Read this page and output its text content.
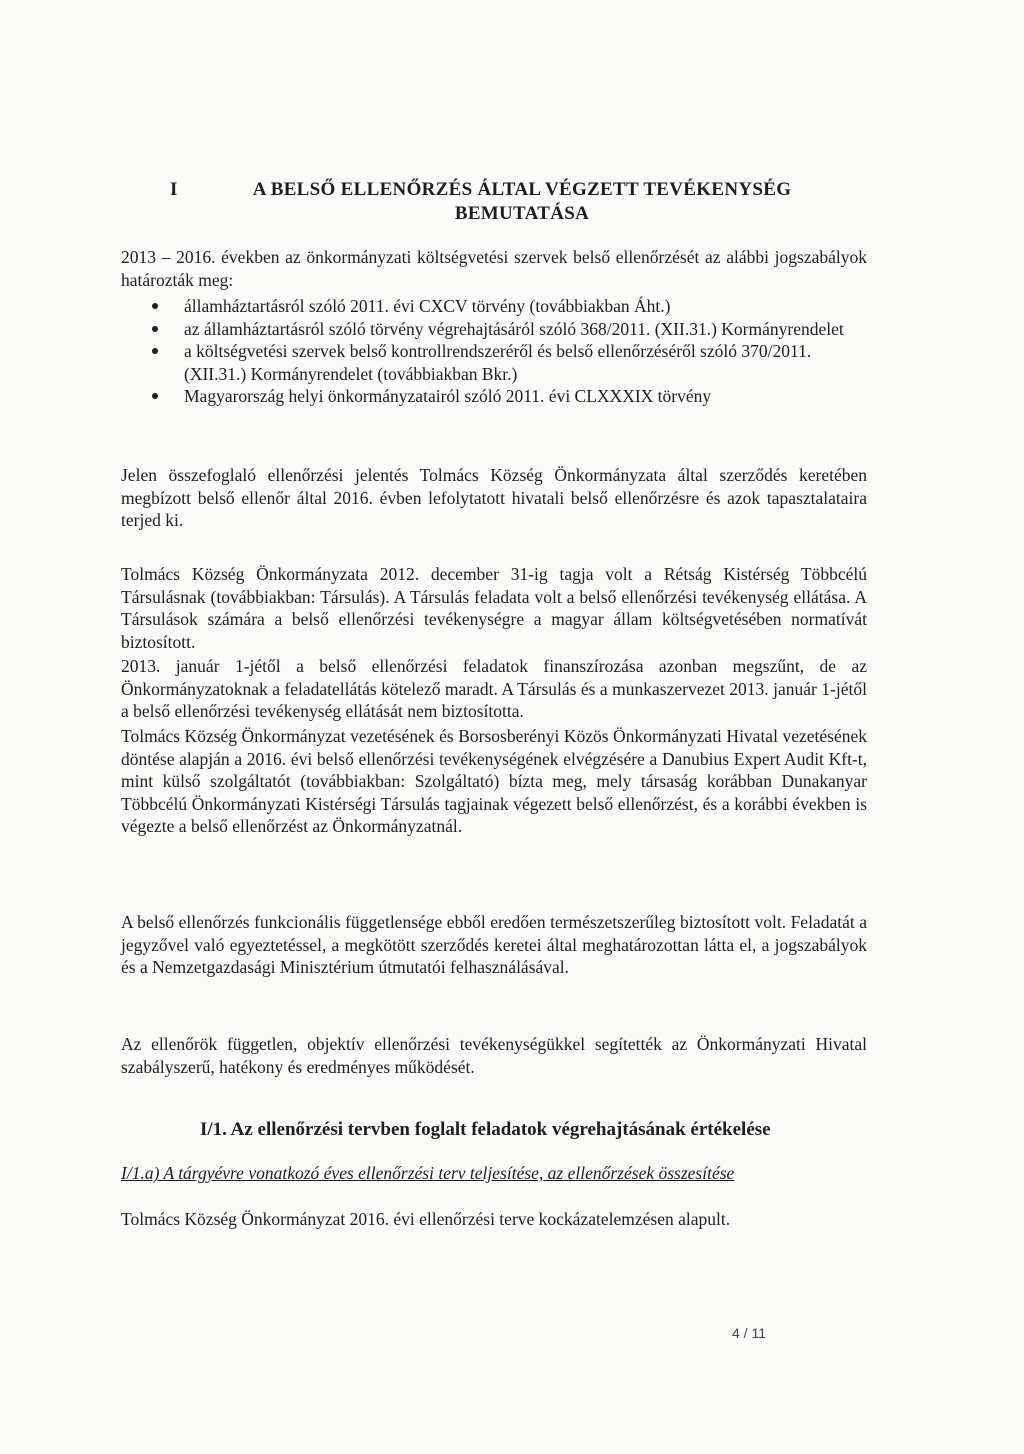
I	A BELSŐ ELLENŐRZÉS ÁLTAL VÉGZETT TEVÉKENYSÉG BEMUTATÁSA
2013 – 2016. években az önkormányzati költségvetési szervek belső ellenőrzését az alábbi jogszabályok határozták meg:
államháztartásról szóló 2011. évi CXCV törvény (továbbiakban Áht.)
az államháztartásról szóló törvény végrehajtásáról szóló 368/2011. (XII.31.) Kormányrendelet
a költségvetési szervek belső kontrollrendszeréről és belső ellenőrzéséről szóló 370/2011. (XII.31.) Kormányrendelet (továbbiakban Bkr.)
Magyarország helyi önkormányzatairól szóló 2011. évi CLXXXIX törvény
Jelen összefoglaló ellenőrzési jelentés Tolmács Község Önkormányzata által szerződés keretében megbízott belső ellenőr által 2016. évben lefolytatott hivatali belső ellenőrzésre és azok tapasztalataira terjed ki.
Tolmács Község Önkormányzata 2012. december 31-ig tagja volt a Rétság Kistérség Többcélú Társulásnak (továbbiakban: Társulás). A Társulás feladata volt a belső ellenőrzési tevékenység ellátása. A Társulások számára a belső ellenőrzési tevékenységre a magyar állam költségvetésében normatívát biztosított.
2013. január 1-jétől a belső ellenőrzési feladatok finanszírozása azonban megszűnt, de az Önkormányzatoknak a feladatellátás kötelező maradt. A Társulás és a munkaszervezet 2013. január 1-jétől a belső ellenőrzési tevékenység ellátását nem biztosította.
Tolmács Község Önkormányzat vezetésének és Borsosberényi Közös Önkormányzati Hivatal vezetésének döntése alapján a 2016. évi belső ellenőrzési tevékenységének elvégzésére a Danubius Expert Audit Kft-t, mint külső szolgáltatót (továbbiakban: Szolgáltató) bízta meg, mely társaság korábban Dunakanyar Többcélú Önkormányzati Kistérségi Társulás tagjainak végezett belső ellenőrzést, és a korábbi években is végezte a belső ellenőrzést az Önkormányzatnál.
A belső ellenőrzés funkcionális függetlensége ebből eredően természetszerűleg biztosított volt. Feladatát a jegyzővel való egyeztetéssel, a megkötött szerződés keretei által meghatározottan látta el, a jogszabályok és a Nemzetgazdasági Minisztérium útmutatói felhasználásával.
Az ellenőrök független, objektív ellenőrzési tevékenységükkel segítették az Önkormányzati Hivatal szabályszerű, hatékony és eredményes működését.
I/1. Az ellenőrzési tervben foglalt feladatok végrehajtásának értékelése
I/1.a) A tárgyévre vonatkozó éves ellenőrzési terv teljesítése, az ellenőrzések összesítése
Tolmács Község Önkormányzat 2016. évi ellenőrzési terve kockázatelemzésen alapult.
4 / 11
